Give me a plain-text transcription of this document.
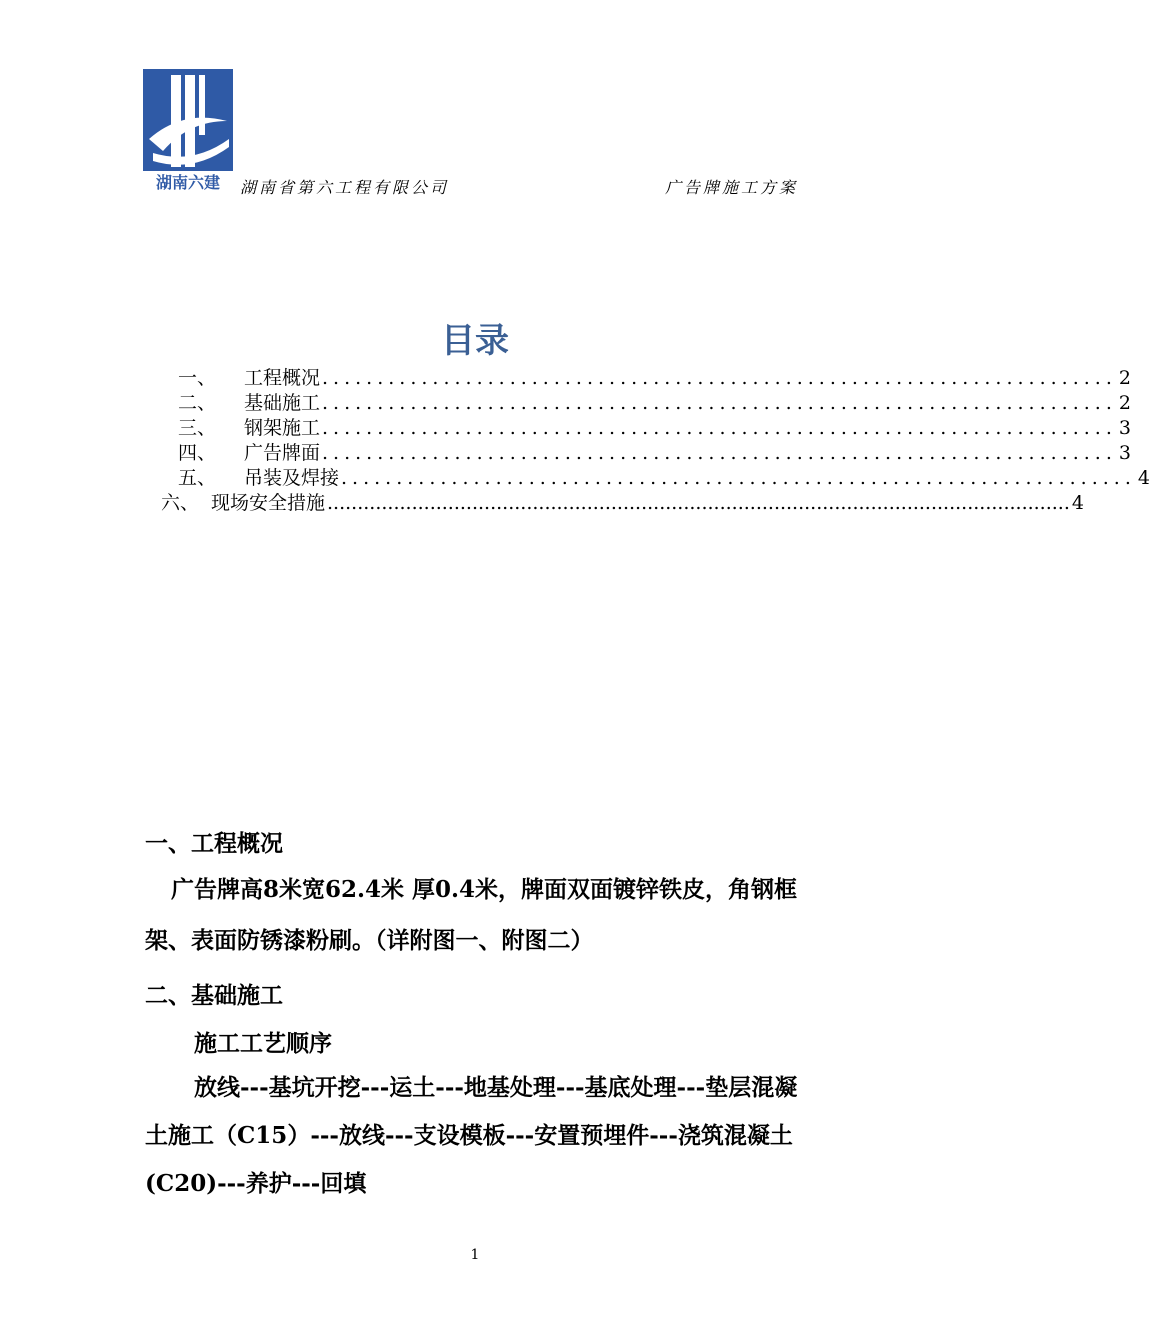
湖南六建 湖南省第六工程有限公司	广告牌施工方案
目录
一、	工程概况 ........................................................................ 2
二、	基础施工 ........................................................................ 2
三、	钢架施工 ........................................................................ 3
四、	广告牌面 ........................................................................ 3
五、	吊装及焊接 ........................................................................ 4
六、 现场安全措施 ........................................................................................................................... 4
一、工程概况
广告牌高8米宽62.4米 厚0.4米，牌面双面镀锌铁皮，角钢框架、表面防锈漆粉刷。（详附图一、附图二）
二、基础施工
施工工艺顺序
放线---基坑开挖---运土---地基处理---基底处理---垫层混凝土施工（C15）---放线---支设模板---安置预埋件---浇筑混凝土(C20)---养护---回填
1
